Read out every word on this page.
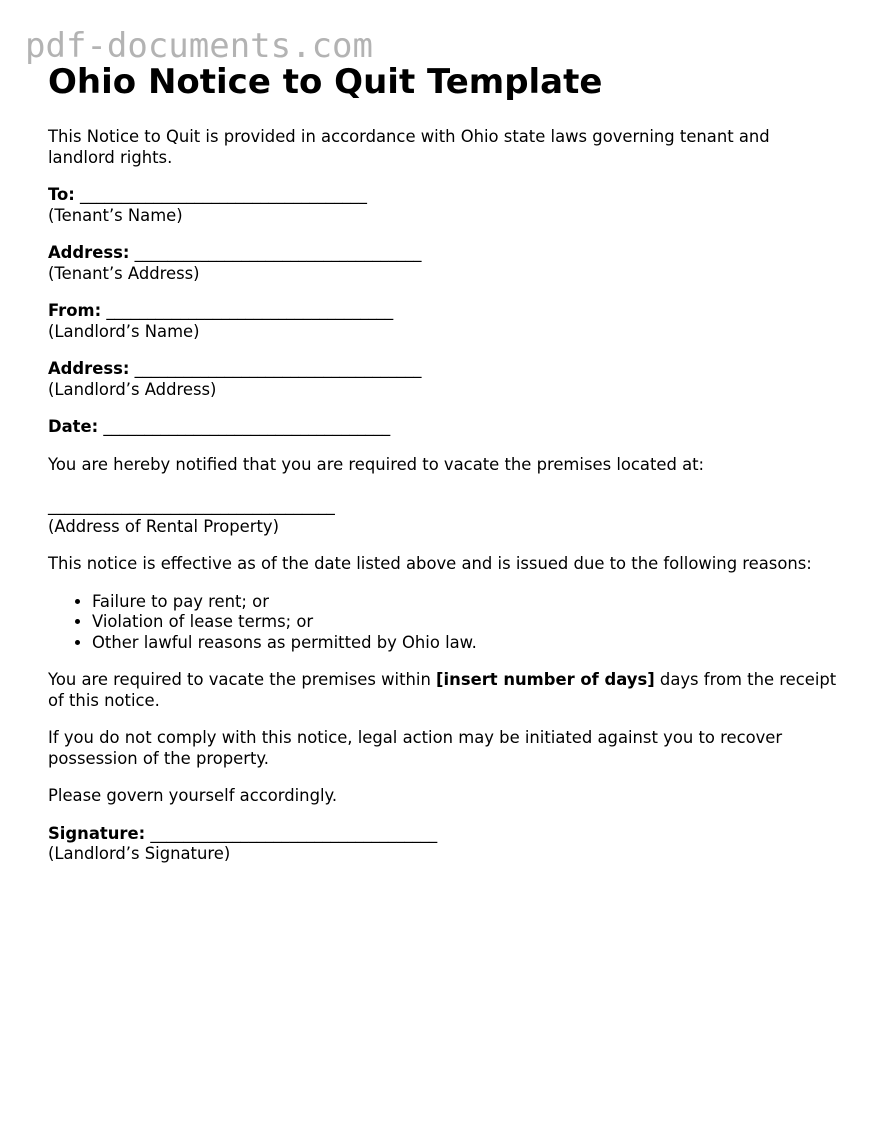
pdf-documents.com
Ohio Notice to Quit Template

This Notice to Quit is provided in accordance with Ohio state laws governing tenant and landlord rights.

To: ___________________________________
(Tenant’s Name)

Address: ___________________________________
(Tenant’s Address)

From: ___________________________________
(Landlord’s Name)

Address: ___________________________________
(Landlord’s Address)

Date: ___________________________________

You are hereby notified that you are required to vacate the premises located at:

___________________________________
(Address of Rental Property)

This notice is effective as of the date listed above and is issued due to the following reasons:

• Failure to pay rent; or
• Violation of lease terms; or
• Other lawful reasons as permitted by Ohio law.

You are required to vacate the premises within [insert number of days] days from the receipt of this notice.

If you do not comply with this notice, legal action may be initiated against you to recover possession of the property.

Please govern yourself accordingly.

Signature: ___________________________________
(Landlord’s Signature)
